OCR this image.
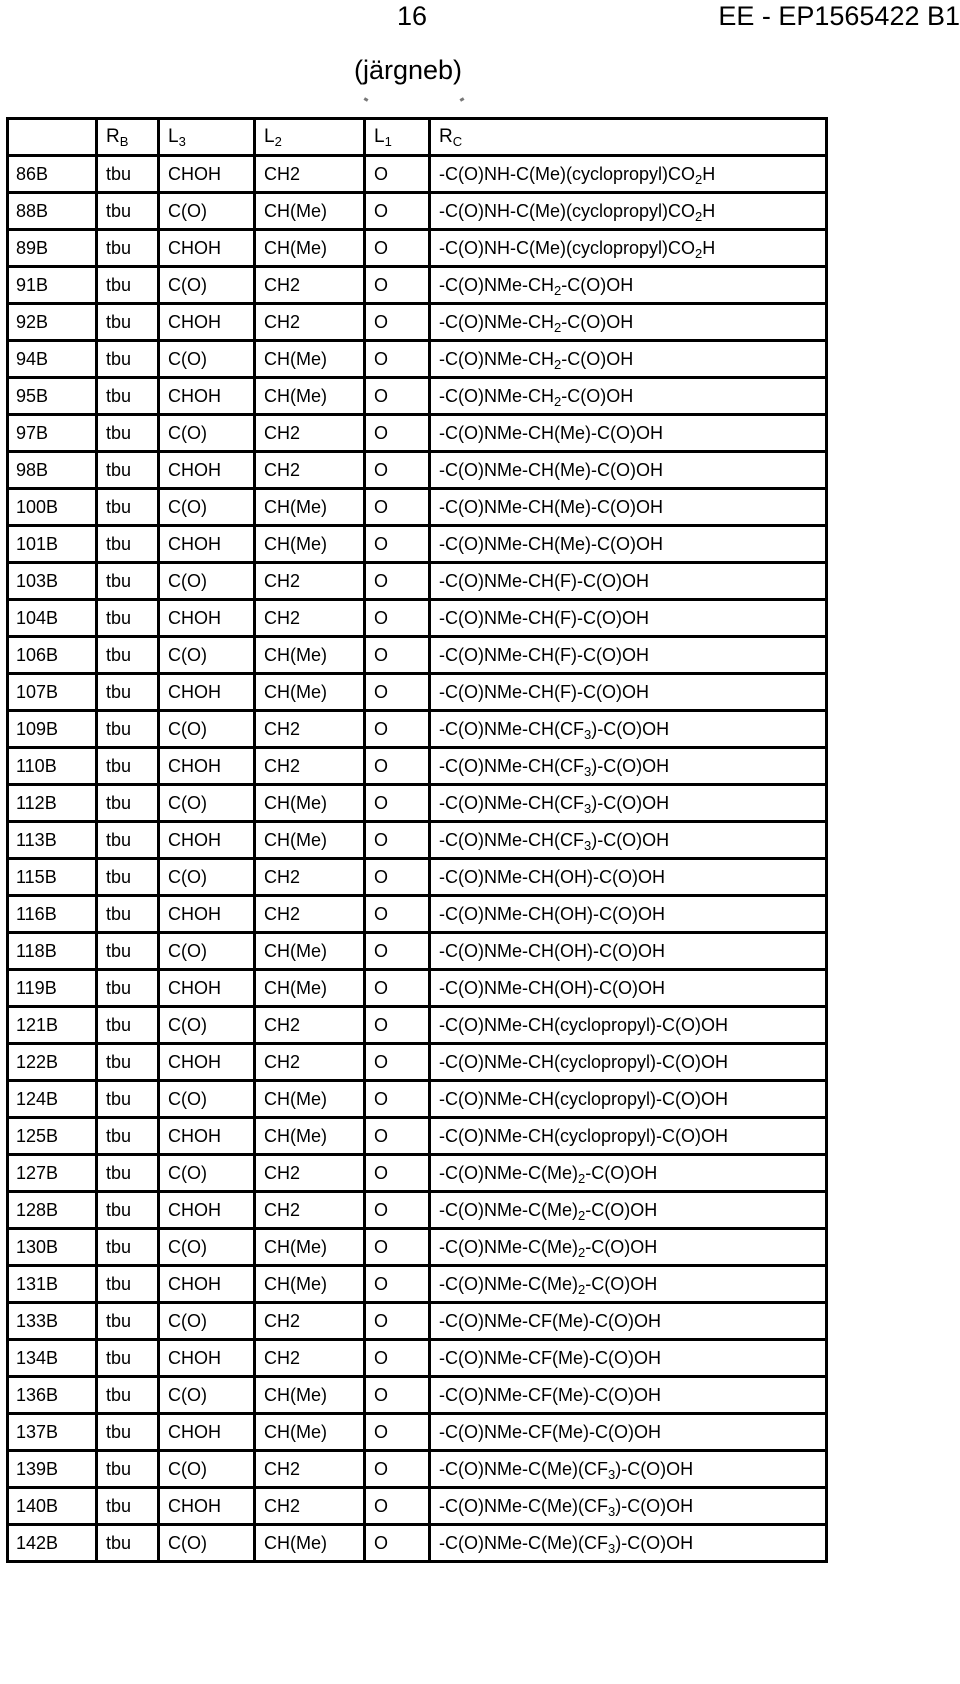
16	EE - EP1565422 B1
(järgneb)
	$R_B$	$L_3$	$L_2$	$L_1$	$R_C$
86B	tbu	CHOH	CH2	O	$-C(O)NH-C(Me)(cyclopropyl)CO_2H$
88B	tbu	C(O)	CH(Me)	O	$-C(O)NH-C(Me)(cyclopropyl)CO_2H$
89B	tbu	CHOH	CH(Me)	O	$-C(O)NH-C(Me)(cyclopropyl)CO_2H$
91B	tbu	C(O)	CH2	O	$-C(O)NMe-CH_2-C(O)OH$
92B	tbu	CHOH	CH2	O	$-C(O)NMe-CH_2-C(O)OH$
94B	tbu	C(O)	CH(Me)	O	$-C(O)NMe-CH_2-C(O)OH$
95B	tbu	CHOH	CH(Me)	O	$-C(O)NMe-CH_2-C(O)OH$
97B	tbu	C(O)	CH2	O	-C(O)NMe-CH(Me)-C(O)OH
98B	tbu	CHOH	CH2	O	-C(O)NMe-CH(Me)-C(O)OH
100B	tbu	C(O)	CH(Me)	O	-C(O)NMe-CH(Me)-C(O)OH
101B	tbu	CHOH	CH(Me)	O	-C(O)NMe-CH(Me)-C(O)OH
103B	tbu	C(O)	CH2	O	-C(O)NMe-CH(F)-C(O)OH
104B	tbu	CHOH	CH2	O	-C(O)NMe-CH(F)-C(O)OH
106B	tbu	C(O)	CH(Me)	O	-C(O)NMe-CH(F)-C(O)OH
107B	tbu	CHOH	CH(Me)	O	-C(O)NMe-CH(F)-C(O)OH
109B	tbu	C(O)	CH2	O	$-C(O)NMe-CH(CF_3)-C(O)OH$
110B	tbu	CHOH	CH2	O	$-C(O)NMe-CH(CF_3)-C(O)OH$
112B	tbu	C(O)	CH(Me)	O	$-C(O)NMe-CH(CF_3)-C(O)OH$
113B	tbu	CHOH	CH(Me)	O	$-C(O)NMe-CH(CF_3)-C(O)OH$
115B	tbu	C(O)	CH2	O	-C(O)NMe-CH(OH)-C(O)OH
116B	tbu	CHOH	CH2	O	-C(O)NMe-CH(OH)-C(O)OH
118B	tbu	C(O)	CH(Me)	O	-C(O)NMe-CH(OH)-C(O)OH
119B	tbu	CHOH	CH(Me)	O	-C(O)NMe-CH(OH)-C(O)OH
121B	tbu	C(O)	CH2	O	-C(O)NMe-CH(cyclopropyl)-C(O)OH
122B	tbu	CHOH	CH2	O	-C(O)NMe-CH(cyclopropyl)-C(O)OH
124B	tbu	C(O)	CH(Me)	O	-C(O)NMe-CH(cyclopropyl)-C(O)OH
125B	tbu	CHOH	CH(Me)	O	-C(O)NMe-CH(cyclopropyl)-C(O)OH
127B	tbu	C(O)	CH2	O	$-C(O)NMe-C(Me)_2-C(O)OH$
128B	tbu	CHOH	CH2	O	$-C(O)NMe-C(Me)_2-C(O)OH$
130B	tbu	C(O)	CH(Me)	O	$-C(O)NMe-C(Me)_2-C(O)OH$
131B	tbu	CHOH	CH(Me)	O	$-C(O)NMe-C(Me)_2-C(O)OH$
133B	tbu	C(O)	CH2	O	-C(O)NMe-CF(Me)-C(O)OH
134B	tbu	CHOH	CH2	O	-C(O)NMe-CF(Me)-C(O)OH
136B	tbu	C(O)	CH(Me)	O	-C(O)NMe-CF(Me)-C(O)OH
137B	tbu	CHOH	CH(Me)	O	-C(O)NMe-CF(Me)-C(O)OH
139B	tbu	C(O)	CH2	O	$-C(O)NMe-C(Me)(CF_3)-C(O)OH$
140B	tbu	CHOH	CH2	O	$-C(O)NMe-C(Me)(CF_3)-C(O)OH$
142B	tbu	C(O)	CH(Me)	O	$-C(O)NMe-C(Me)(CF_3)-C(O)OH$
